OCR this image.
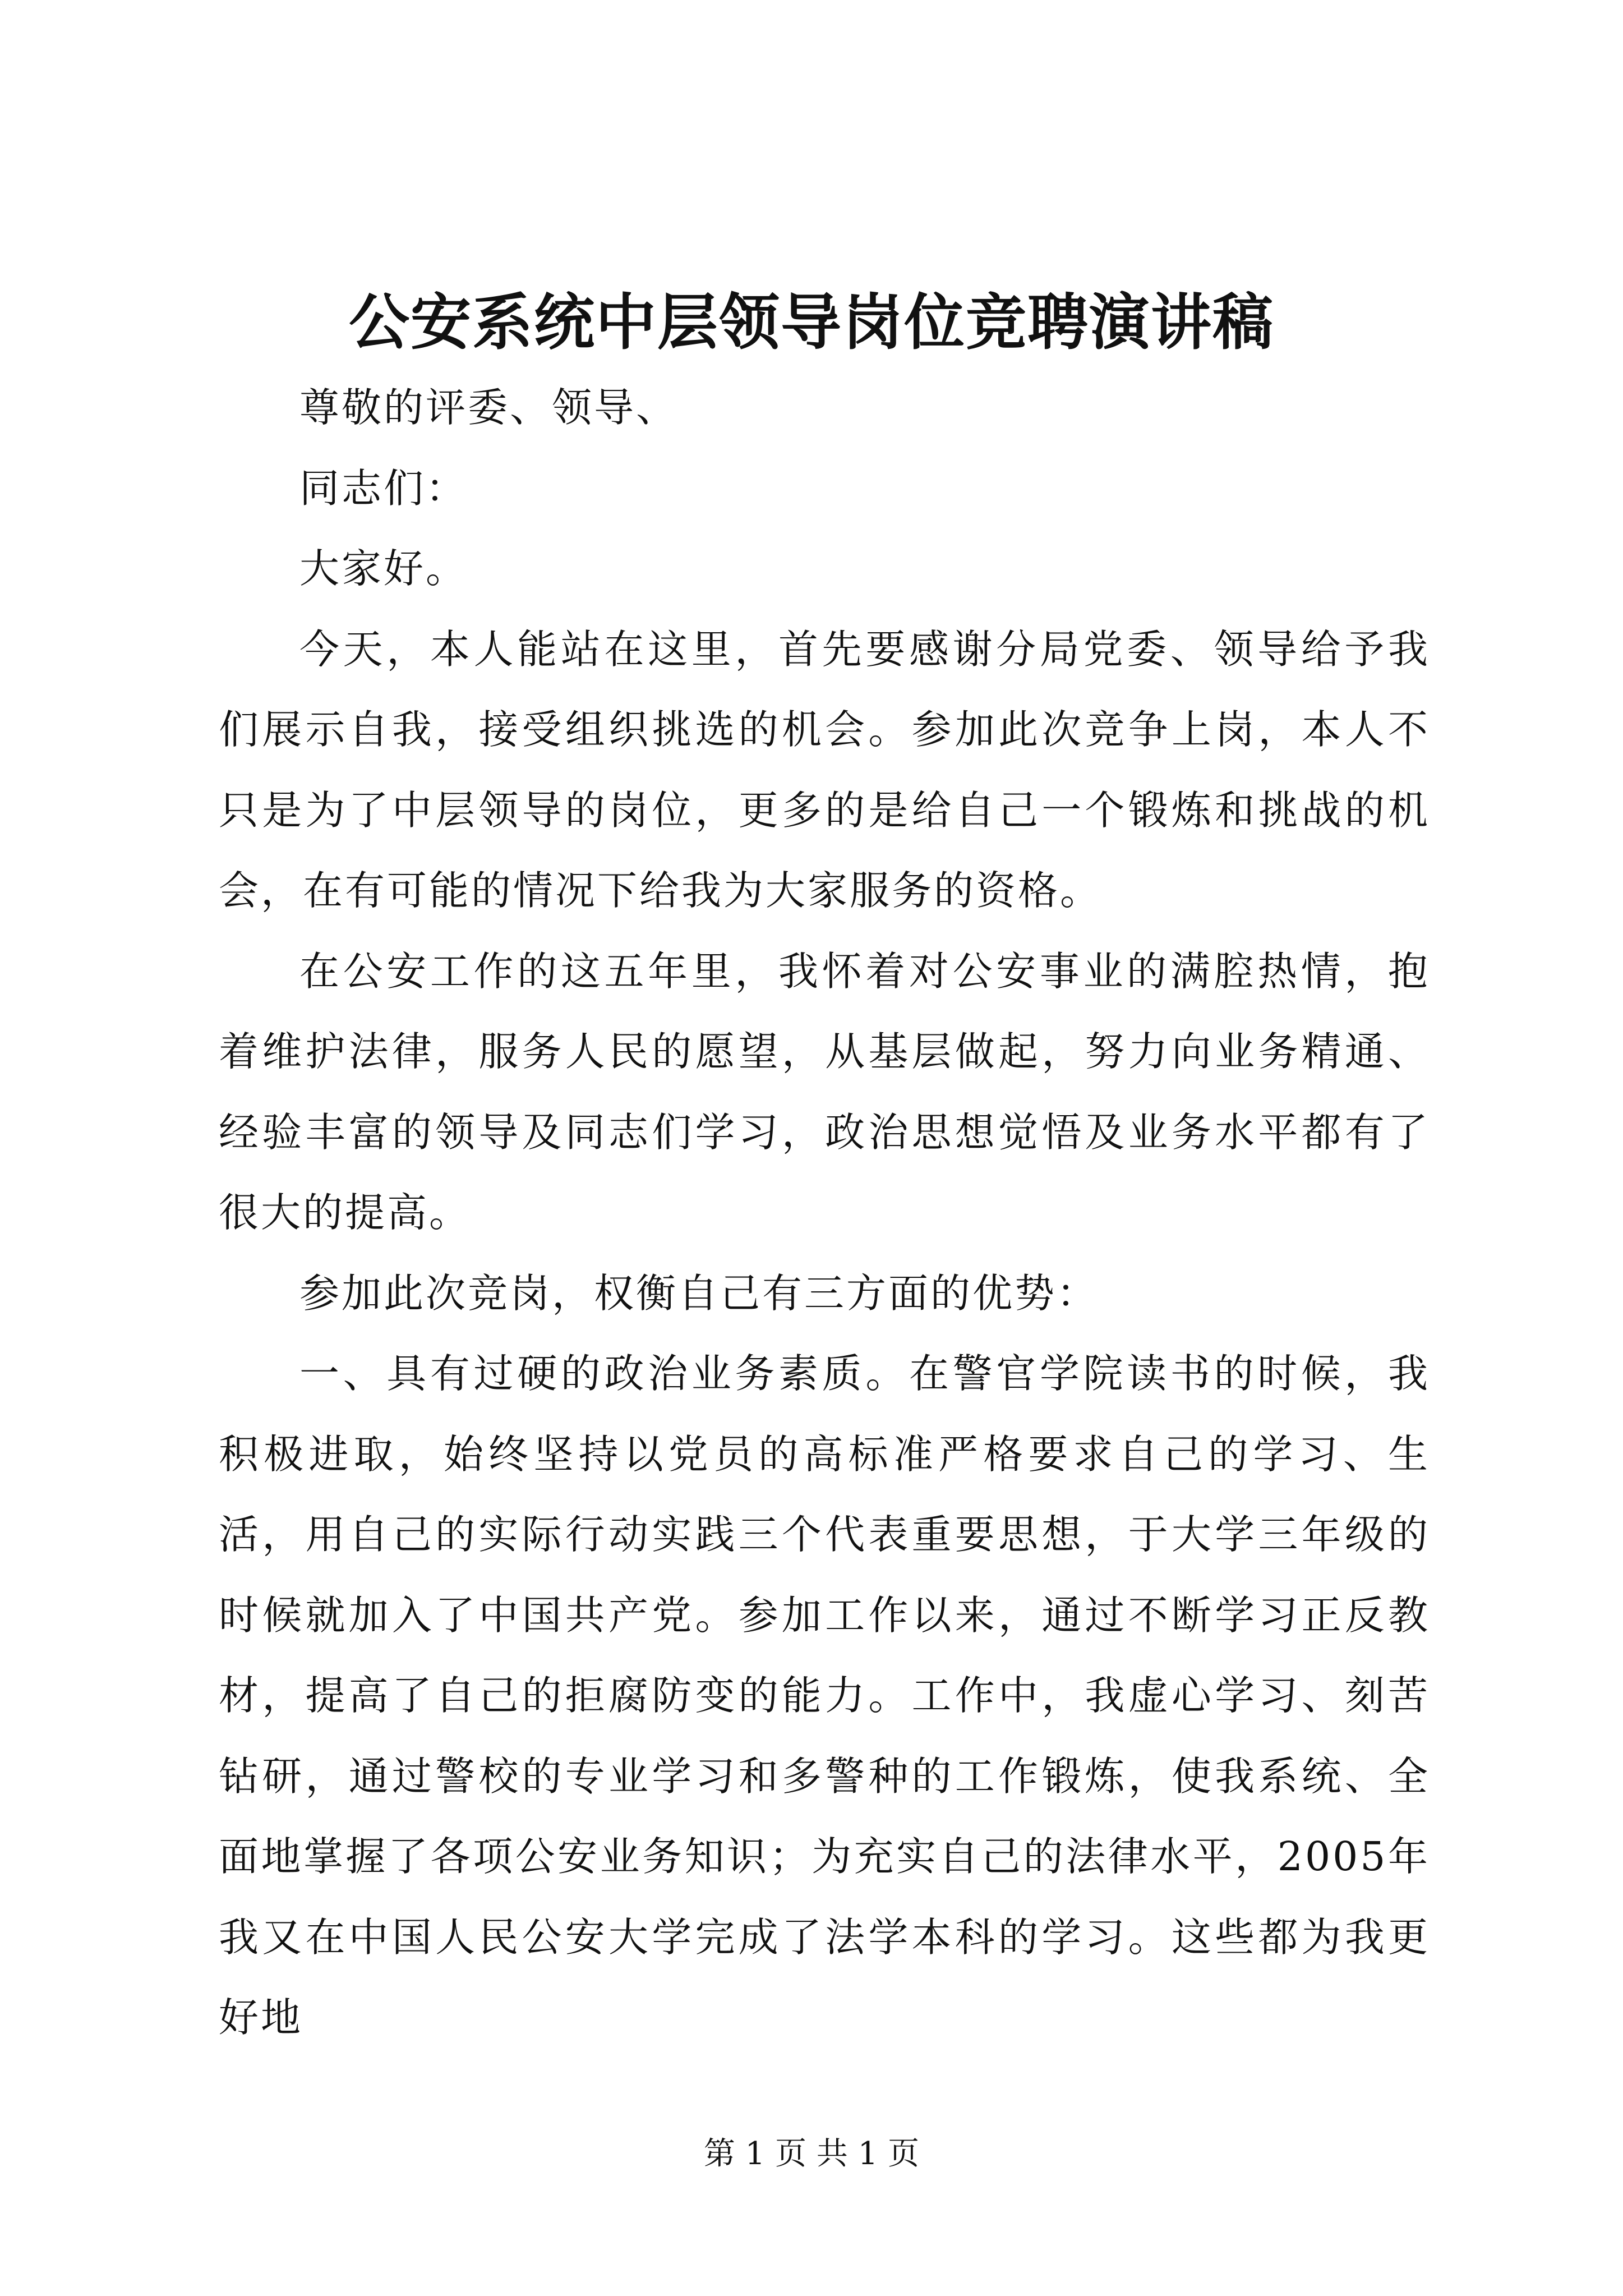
公安系统中层领导岗位竞聘演讲稿

尊敬的评委、领导、

同志们：

大家好。

今天，本人能站在这里，首先要感谢分局党委、领导给予我们展示自我，接受组织挑选的机会。参加此次竞争上岗，本人不只是为了中层领导的岗位，更多的是给自己一个锻炼和挑战的机会，在有可能的情况下给我为大家服务的资格。

在公安工作的这五年里，我怀着对公安事业的满腔热情，抱着维护法律，服务人民的愿望，从基层做起，努力向业务精通、经验丰富的领导及同志们学习，政治思想觉悟及业务水平都有了很大的提高。

参加此次竞岗，权衡自己有三方面的优势：

一、具有过硬的政治业务素质。在警官学院读书的时候，我积极进取，始终坚持以党员的高标准严格要求自己的学习、生活，用自己的实际行动实践三个代表重要思想，于大学三年级的时候就加入了中国共产党。参加工作以来，通过不断学习正反教材，提高了自己的拒腐防变的能力。工作中，我虚心学习、刻苦钻研，通过警校的专业学习和多警种的工作锻炼，使我系统、全面地掌握了各项公安业务知识；为充实自己的法律水平，2005年我又在中国人民公安大学完成了法学本科的学习。这些都为我更好地

第 1 页 共 1 页
